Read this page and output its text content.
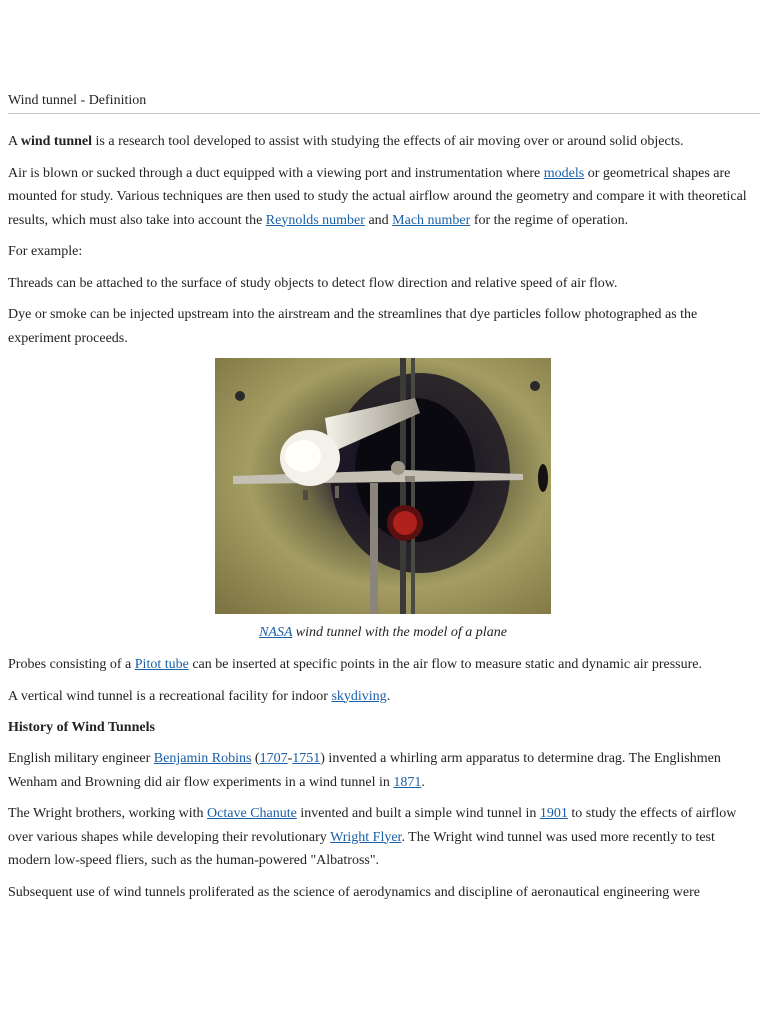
Wind tunnel - Definition

A wind tunnel is a research tool developed to assist with studying the effects of air moving over or around solid objects.

Air is blown or sucked through a duct equipped with a viewing port and instrumentation where models or geometrical shapes are mounted for study. Various techniques are then used to study the actual airflow around the geometry and compare it with theoretical results, which must also take into account the Reynolds number and Mach number for the regime of operation.

For example:

Threads can be attached to the surface of study objects to detect flow direction and relative speed of air flow.

Dye or smoke can be injected upstream into the airstream and the streamlines that dye particles follow photographed as the experiment proceeds.

NASA wind tunnel with the model of a plane

Probes consisting of a Pitot tube can be inserted at specific points in the air flow to measure static and dynamic air pressure.

A vertical wind tunnel is a recreational facility for indoor skydiving.

History of Wind Tunnels

English military engineer Benjamin Robins (1707-1751) invented a whirling arm apparatus to determine drag. The Englishmen Wenham and Browning did air flow experiments in a wind tunnel in 1871.

The Wright brothers, working with Octave Chanute invented and built a simple wind tunnel in 1901 to study the effects of airflow over various shapes while developing their revolutionary Wright Flyer. The Wright wind tunnel was used more recently to test modern low-speed fliers, such as the human-powered "Albatross".

Subsequent use of wind tunnels proliferated as the science of aerodynamics and discipline of aeronautical engineering were
